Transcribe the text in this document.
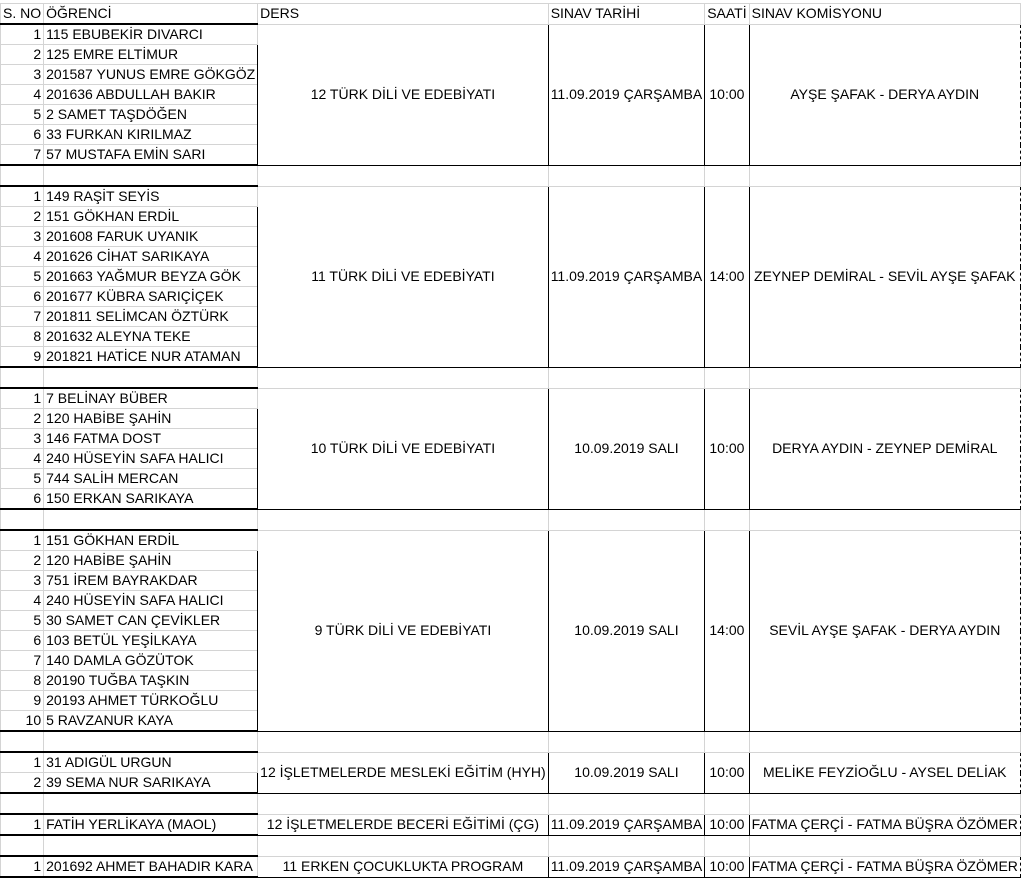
S. NO	ÖĞRENCİ	DERS	SINAV TARİHİ	SAATİ	SINAV KOMİSYONU
1	115 EBUBEKİR DIVARCI	12 TÜRK DİLİ VE EDEBİYATI	11.09.2019 ÇARŞAMBA	10:00	AYŞE ŞAFAK - DERYA AYDIN
2	125 EMRE ELTİMUR				
3	201587 YUNUS EMRE GÖKGÖZ				
4	201636 ABDULLAH BAKIR				
5	2 SAMET TAŞDÖĞEN				
6	33 FURKAN KIRILMAZ				
7	57 MUSTAFA EMİN SARI				

1	149 RAŞİT SEYİS	11 TÜRK DİLİ VE EDEBİYATI	11.09.2019 ÇARŞAMBA	14:00	ZEYNEP DEMİRAL - SEVİL AYŞE ŞAFAK
2	151 GÖKHAN ERDİL				
3	201608 FARUK UYANIK				
4	201626 CİHAT SARIKAYA				
5	201663 YAĞMUR BEYZA GÖK				
6	201677 KÜBRA SARIÇİÇEK				
7	201811 SELİMCAN ÖZTÜRK				
8	201632 ALEYNA TEKE				
9	201821 HATİCE NUR ATAMAN				

1	7 BELİNAY BÜBER	10 TÜRK DİLİ VE EDEBİYATI	10.09.2019 SALI	10:00	DERYA AYDIN - ZEYNEP DEMİRAL
2	120 HABİBE ŞAHİN				
3	146 FATMA DOST				
4	240 HÜSEYİN SAFA HALICI				
5	744 SALİH MERCAN				
6	150 ERKAN SARIKAYA				

1	151 GÖKHAN ERDİL	9 TÜRK DİLİ VE EDEBİYATI	10.09.2019 SALI	14:00	SEVİL AYŞE ŞAFAK - DERYA AYDIN
2	120 HABİBE ŞAHİN				
3	751 İREM BAYRAKDAR				
4	240 HÜSEYİN SAFA HALICI				
5	30 SAMET CAN ÇEVİKLER				
6	103 BETÜL YEŞİLKAYA				
7	140 DAMLA GÖZÜTOK				
8	20190 TUĞBA TAŞKIN				
9	20193 AHMET TÜRKOĞLU				
10	5 RAVZANUR KAYA				

1	31 ADIGÜL URGUN	12 İŞLETMELERDE MESLEKİ EĞİTİM (HYH)	10.09.2019 SALI	10:00	MELİKE FEYZİOĞLU - AYSEL DELİAK
2	39 SEMA NUR SARIKAYA				

1	FATİH YERLİKAYA (MAOL)	12 İŞLETMELERDE BECERİ EĞİTİMİ (ÇG)	11.09.2019 ÇARŞAMBA	10:00	FATMA ÇERÇİ - FATMA BÜŞRA ÖZÖMER

1	201692 AHMET BAHADIR KARA	11 ERKEN ÇOCUKLUKTA PROGRAM	11.09.2019 ÇARŞAMBA	10:00	FATMA ÇERÇİ - FATMA BÜŞRA ÖZÖMER
